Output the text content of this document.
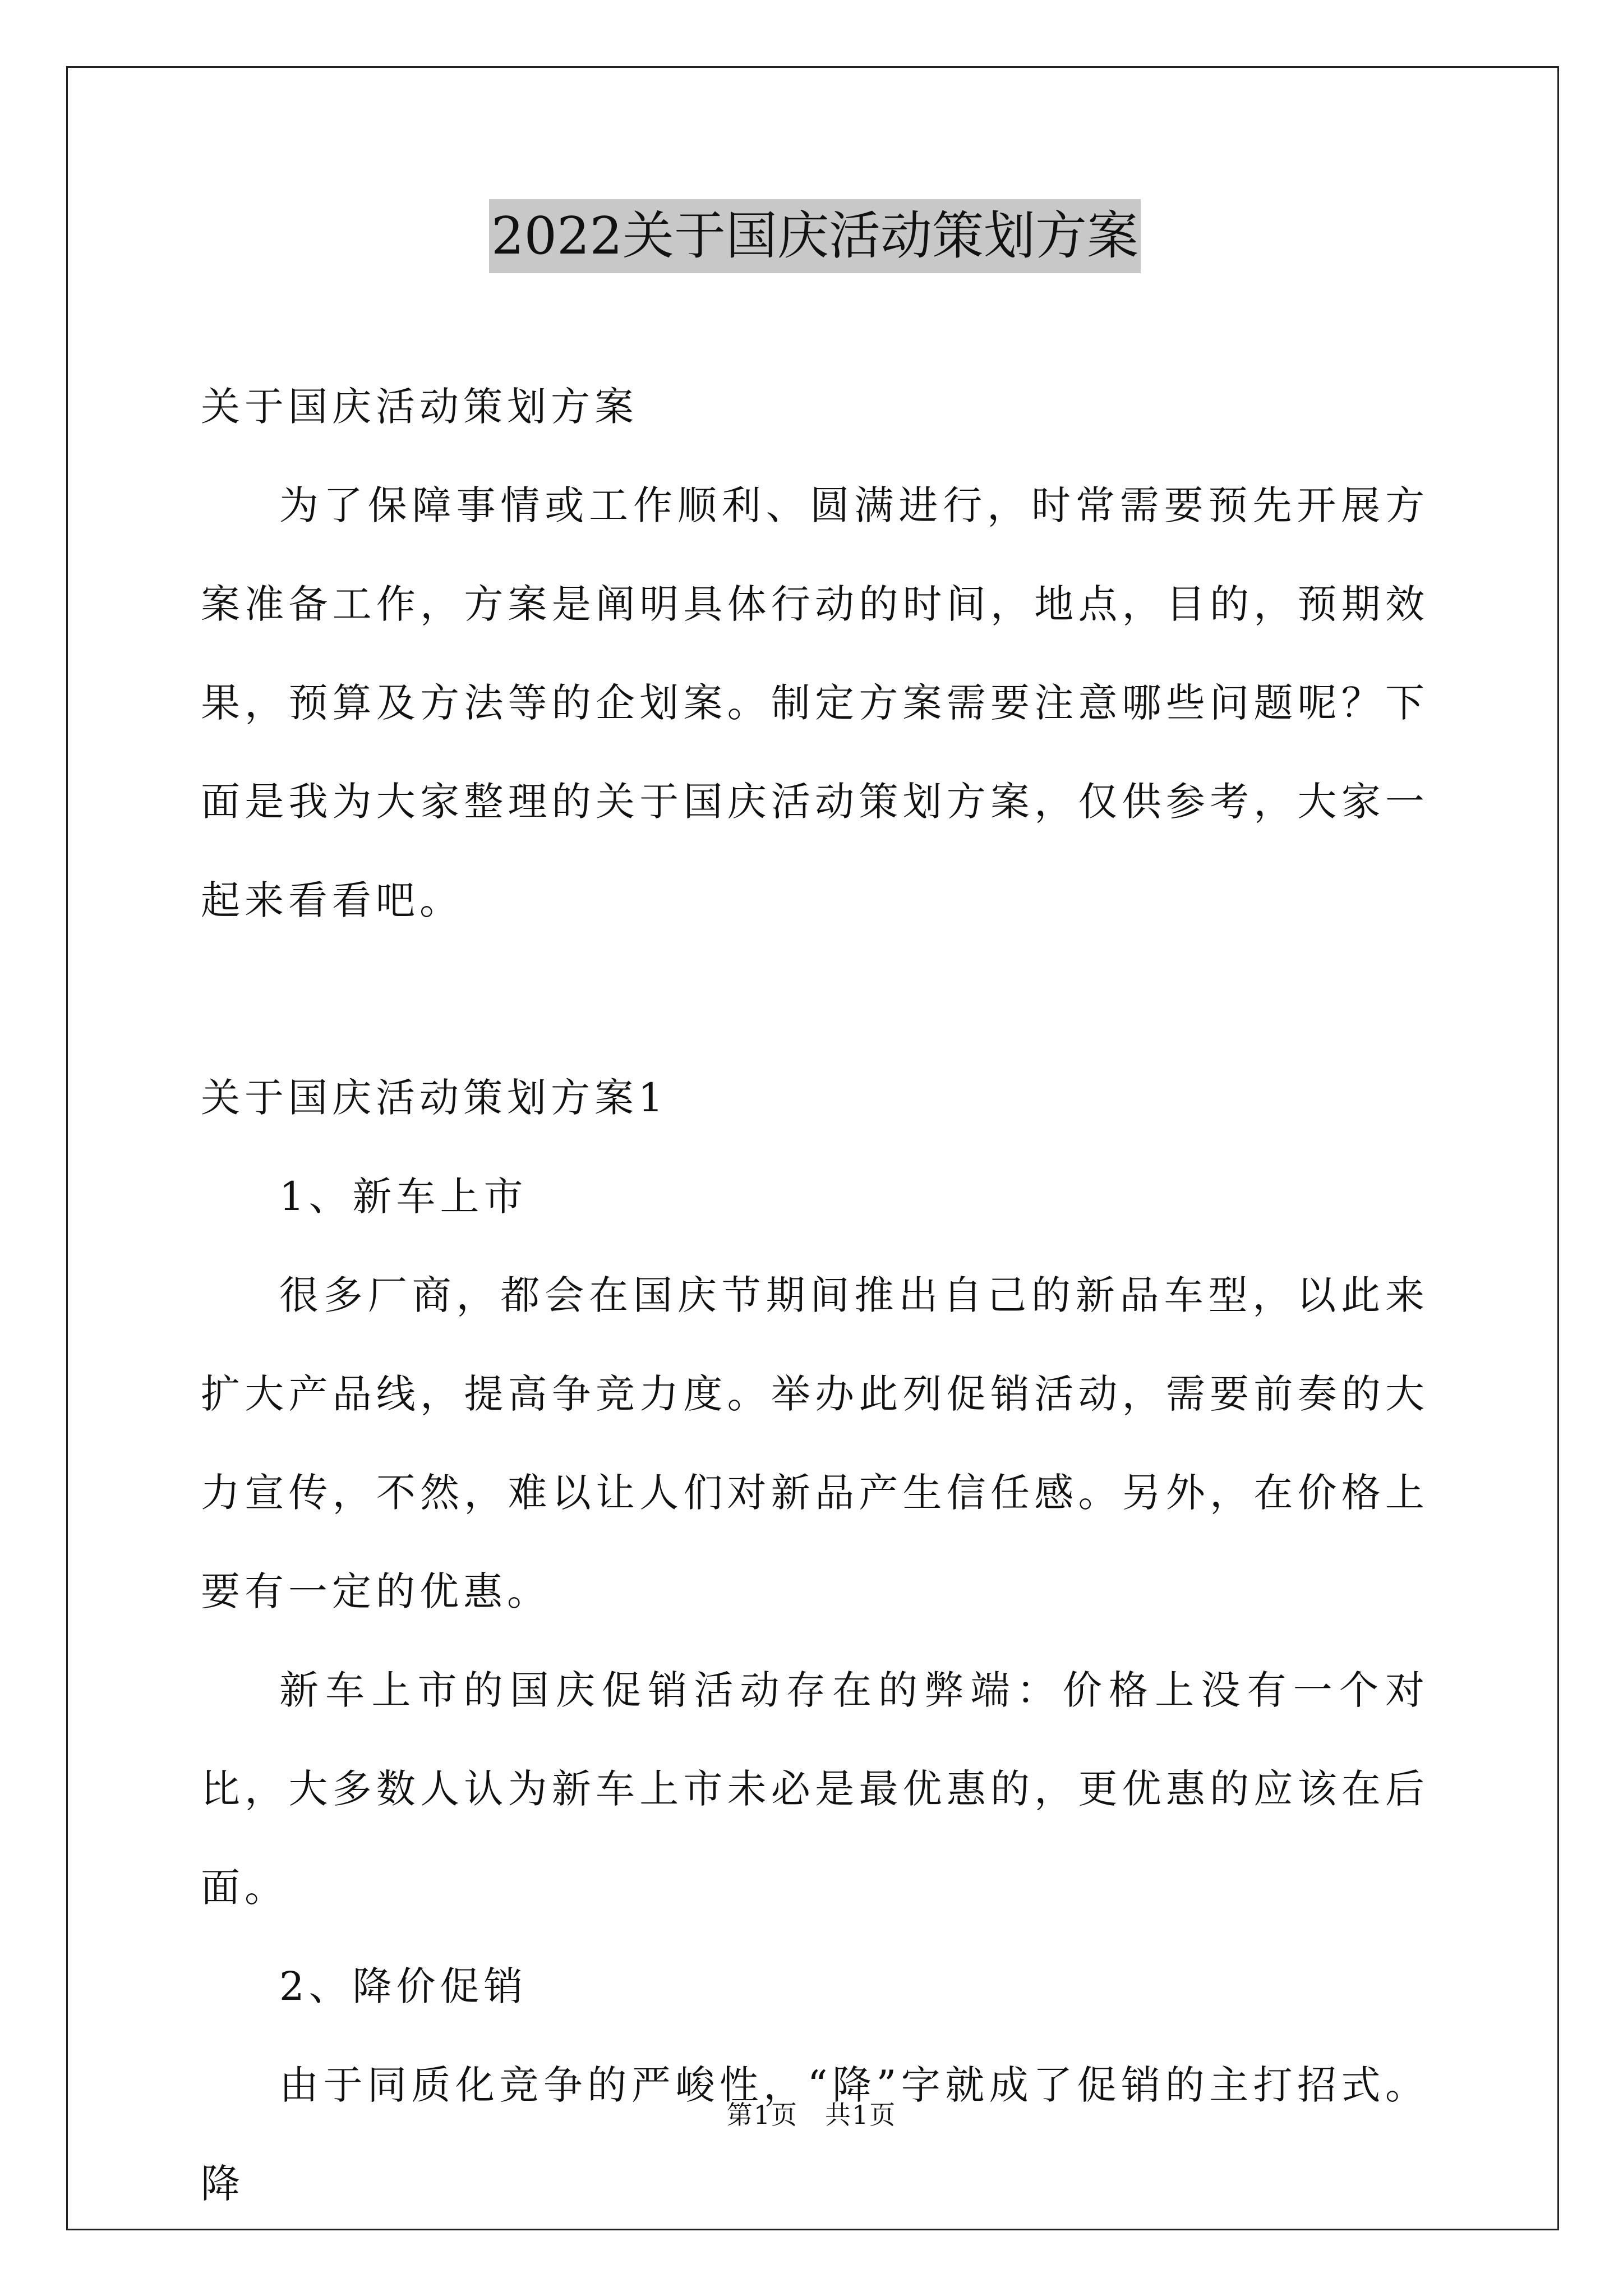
2022关于国庆活动策划方案

关于国庆活动策划方案

为了保障事情或工作顺利、圆满进行，时常需要预先开展方案准备工作，方案是阐明具体行动的时间，地点，目的，预期效果，预算及方法等的企划案。制定方案需要注意哪些问题呢？下面是我为大家整理的关于国庆活动策划方案，仅供参考，大家一起来看看吧。

关于国庆活动策划方案1

1、新车上市

很多厂商，都会在国庆节期间推出自己的新品车型，以此来扩大产品线，提高争竞力度。举办此列促销活动，需要前奏的大力宣传，不然，难以让人们对新品产生信任感。另外，在价格上要有一定的优惠。

新车上市的国庆促销活动存在的弊端：价格上没有一个对比，大多数人认为新车上市未必是最优惠的，更优惠的应该在后面。

2、降价促销

由于同质化竞争的严峻性，“降”字就成了促销的主打招式。降

第1页　共1页
